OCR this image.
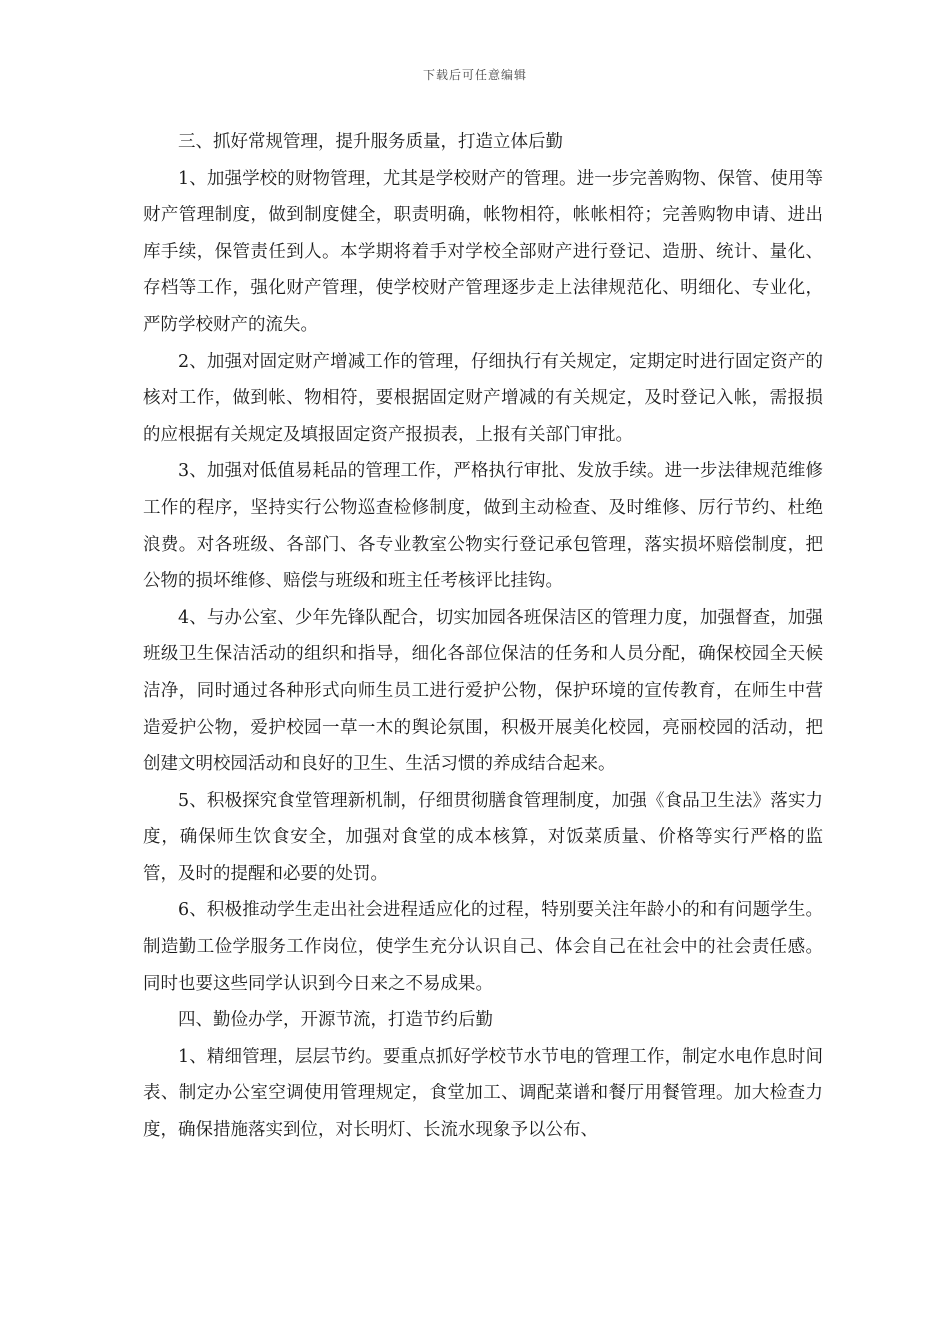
下载后可任意编辑

三、抓好常规管理，提升服务质量，打造立体后勤

1、加强学校的财物管理，尤其是学校财产的管理。进一步完善购物、保管、使用等财产管理制度，做到制度健全，职责明确，帐物相符，帐帐相符；完善购物申请、进出库手续，保管责任到人。本学期将着手对学校全部财产进行登记、造册、统计、量化、存档等工作，强化财产管理，使学校财产管理逐步走上法律规范化、明细化、专业化，严防学校财产的流失。

2、加强对固定财产增减工作的管理，仔细执行有关规定，定期定时进行固定资产的核对工作，做到帐、物相符，要根据固定财产增减的有关规定，及时登记入帐，需报损的应根据有关规定及填报固定资产报损表，上报有关部门审批。

3、加强对低值易耗品的管理工作，严格执行审批、发放手续。进一步法律规范维修工作的程序，坚持实行公物巡查检修制度，做到主动检查、及时维修、厉行节约、杜绝浪费。对各班级、各部门、各专业教室公物实行登记承包管理，落实损坏赔偿制度，把公物的损坏维修、赔偿与班级和班主任考核评比挂钩。

4、与办公室、少年先锋队配合，切实加园各班保洁区的管理力度，加强督查，加强班级卫生保洁活动的组织和指导，细化各部位保洁的任务和人员分配，确保校园全天候洁净，同时通过各种形式向师生员工进行爱护公物，保护环境的宣传教育，在师生中营造爱护公物，爱护校园一草一木的舆论氛围，积极开展美化校园，亮丽校园的活动，把创建文明校园活动和良好的卫生、生活习惯的养成结合起来。

5、积极探究食堂管理新机制，仔细贯彻膳食管理制度，加强《食品卫生法》落实力度，确保师生饮食安全，加强对食堂的成本核算，对饭菜质量、价格等实行严格的监管，及时的提醒和必要的处罚。

6、积极推动学生走出社会进程适应化的过程，特别要关注年龄小的和有问题学生。制造勤工俭学服务工作岗位，使学生充分认识自己、体会自己在社会中的社会责任感。同时也要这些同学认识到今日来之不易成果。

四、勤俭办学，开源节流，打造节约后勤

1、精细管理，层层节约。要重点抓好学校节水节电的管理工作，制定水电作息时间表、制定办公室空调使用管理规定，食堂加工、调配菜谱和餐厅用餐管理。加大检查力度，确保措施落实到位，对长明灯、长流水现象予以公布、
